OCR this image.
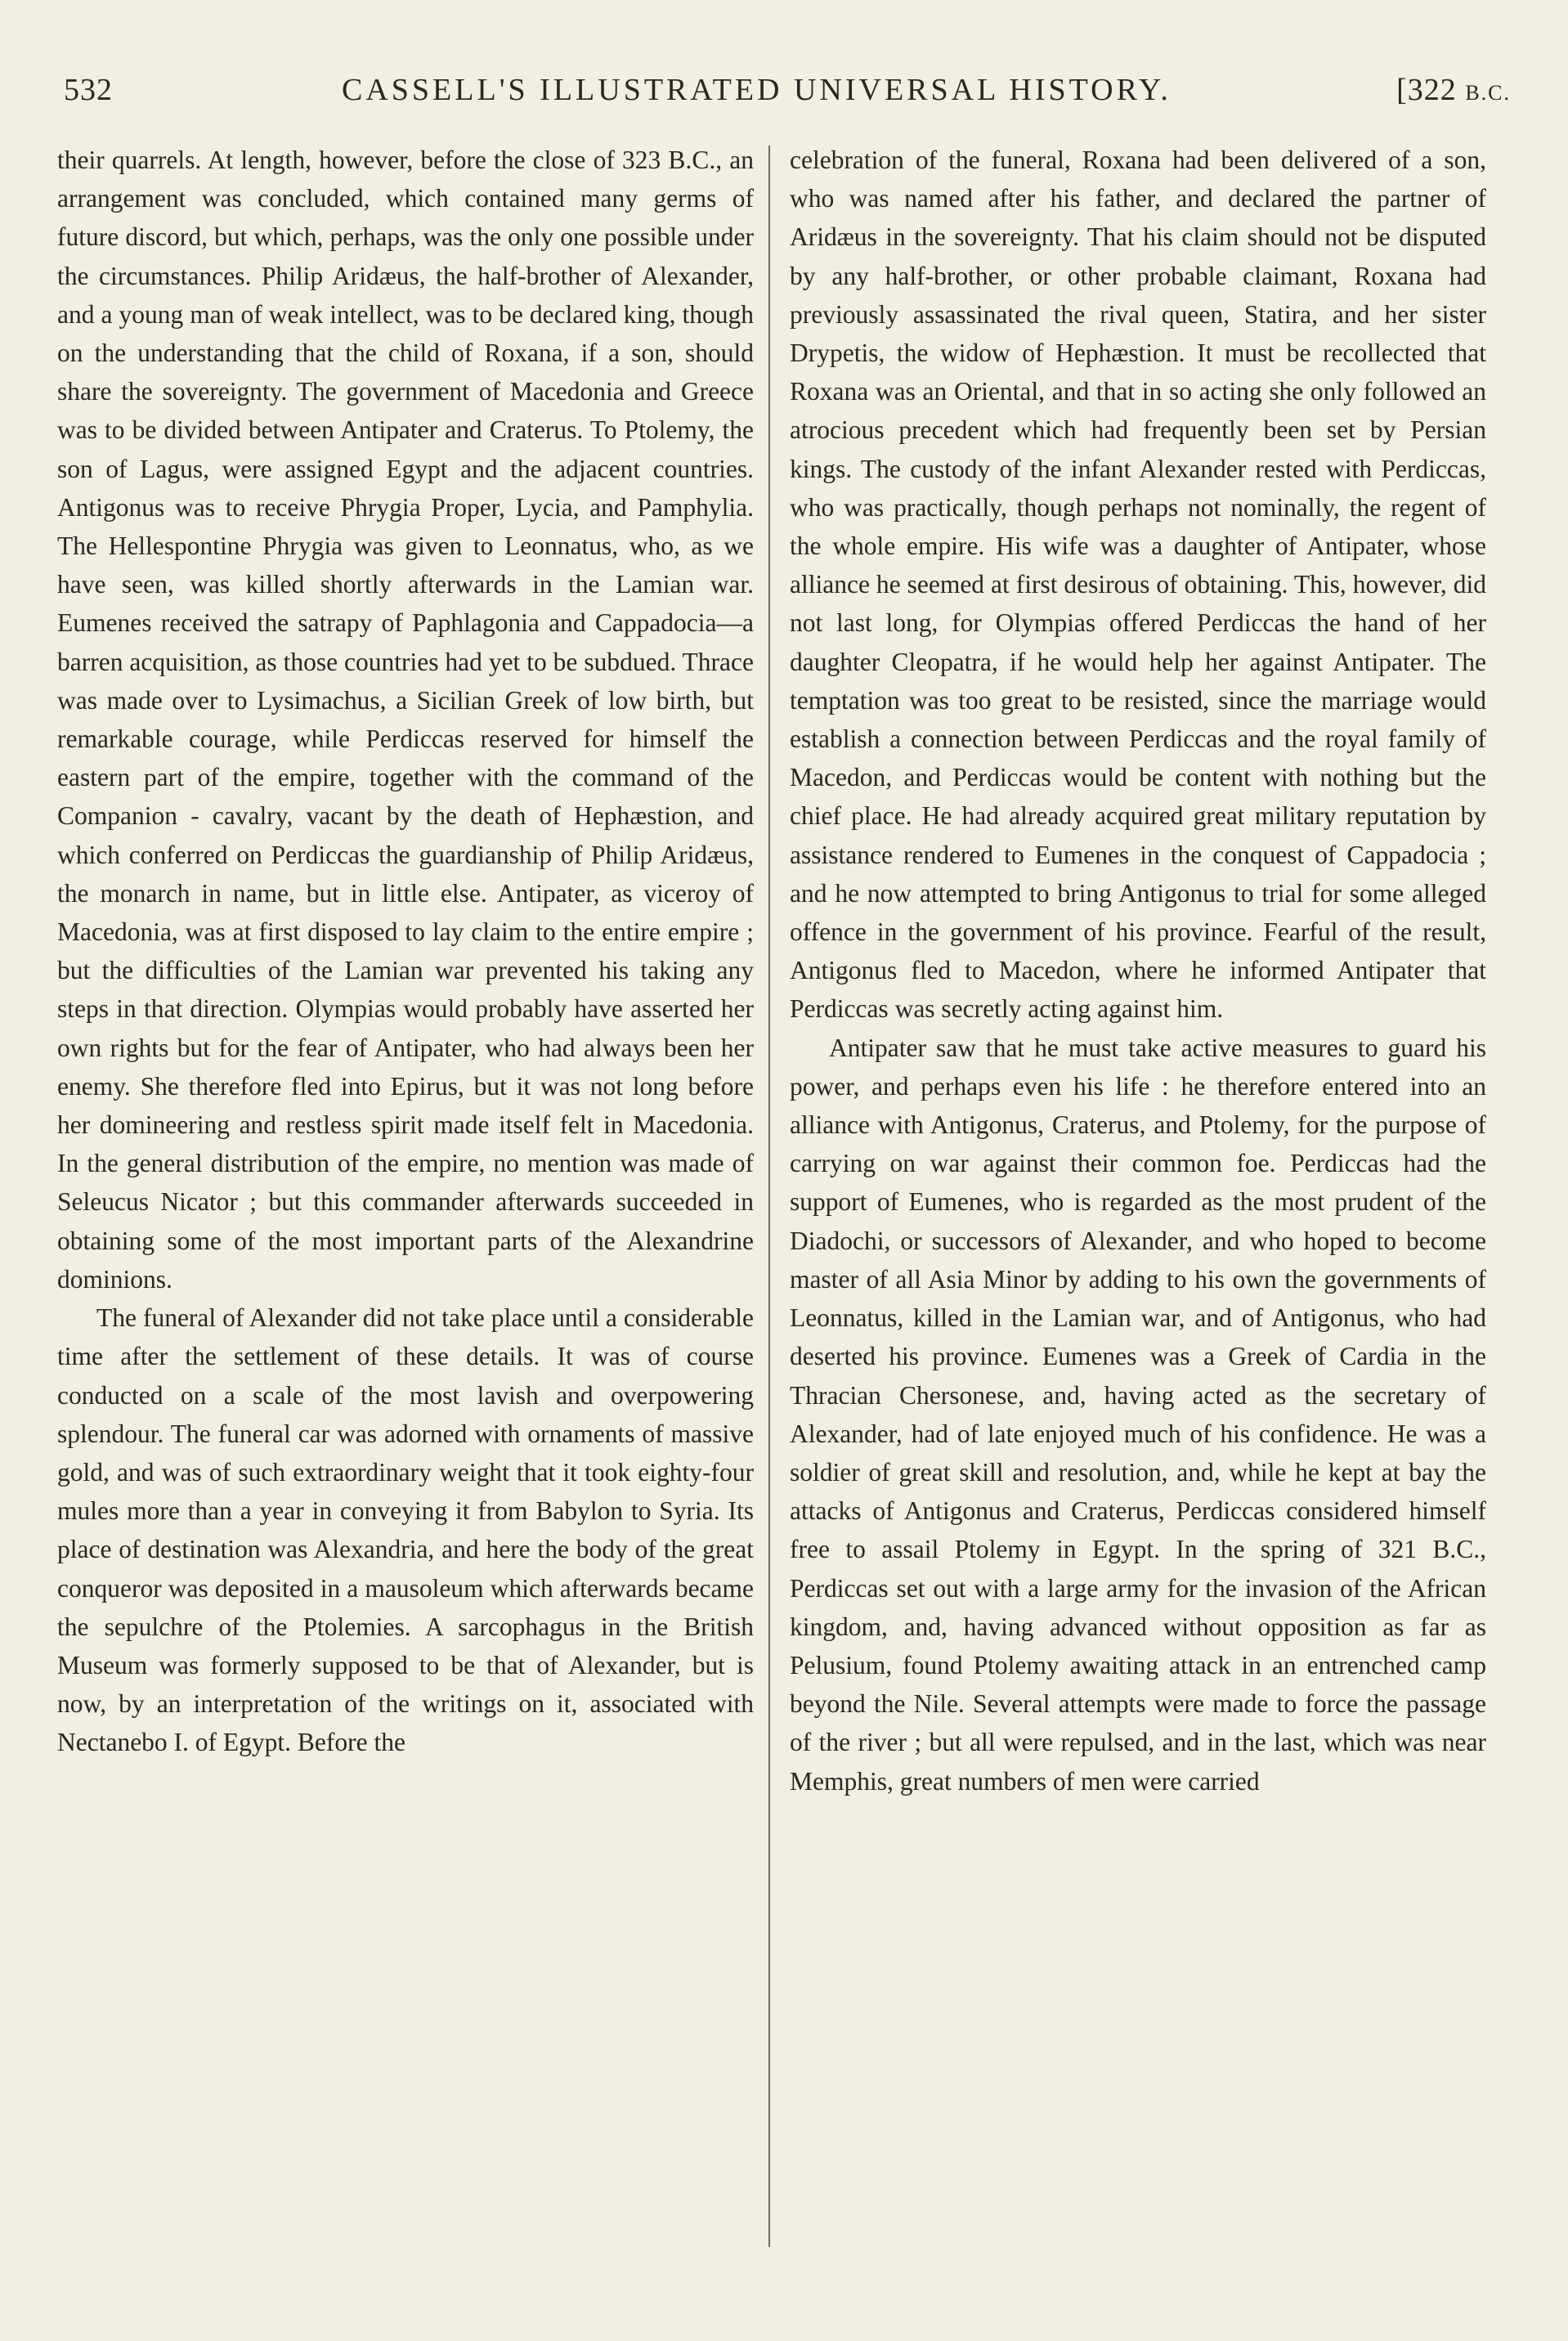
532	CASSELL'S ILLUSTRATED UNIVERSAL HISTORY.	[322 B.C.

their quarrels. At length, however, before the close of 323 B.C., an arrangement was concluded, which contained many germs of future discord, but which, perhaps, was the only one possible under the circumstances. Philip Aridæus, the half-brother of Alexander, and a young man of weak intellect, was to be declared king, though on the understanding that the child of Roxana, if a son, should share the sovereignty. The government of Macedonia and Greece was to be divided between Antipater and Craterus. To Ptolemy, the son of Lagus, were assigned Egypt and the adjacent countries. Antigonus was to receive Phrygia Proper, Lycia, and Pamphylia. The Hellespontine Phrygia was given to Leonnatus, who, as we have seen, was killed shortly afterwards in the Lamian war. Eumenes received the satrapy of Paphlagonia and Cappadocia—a barren acquisition, as those countries had yet to be subdued. Thrace was made over to Lysimachus, a Sicilian Greek of low birth, but remarkable courage, while Perdiccas reserved for himself the eastern part of the empire, together with the command of the Companion - cavalry, vacant by the death of Hephæstion, and which conferred on Perdiccas the guardianship of Philip Aridæus, the monarch in name, but in little else. Antipater, as viceroy of Macedonia, was at first disposed to lay claim to the entire empire ; but the difficulties of the Lamian war prevented his taking any steps in that direction. Olympias would probably have asserted her own rights but for the fear of Antipater, who had always been her enemy. She therefore fled into Epirus, but it was not long before her domineering and restless spirit made itself felt in Macedonia. In the general distribution of the empire, no mention was made of Seleucus Nicator ; but this commander afterwards succeeded in obtaining some of the most important parts of the Alexandrine dominions.

The funeral of Alexander did not take place until a considerable time after the settlement of these details. It was of course conducted on a scale of the most lavish and overpowering splendour. The funeral car was adorned with ornaments of massive gold, and was of such extraordinary weight that it took eighty-four mules more than a year in conveying it from Babylon to Syria. Its place of destination was Alexandria, and here the body of the great conqueror was deposited in a mausoleum which afterwards became the sepulchre of the Ptolemies. A sarcophagus in the British Museum was formerly supposed to be that of Alexander, but is now, by an interpretation of the writings on it, associated with Nectanebo I. of Egypt. Before the

celebration of the funeral, Roxana had been delivered of a son, who was named after his father, and declared the partner of Aridæus in the sovereignty. That his claim should not be disputed by any half-brother, or other probable claimant, Roxana had previously assassinated the rival queen, Statira, and her sister Drypetis, the widow of Hephæstion. It must be recollected that Roxana was an Oriental, and that in so acting she only followed an atrocious precedent which had frequently been set by Persian kings. The custody of the infant Alexander rested with Perdiccas, who was practically, though perhaps not nominally, the regent of the whole empire. His wife was a daughter of Antipater, whose alliance he seemed at first desirous of obtaining. This, however, did not last long, for Olympias offered Perdiccas the hand of her daughter Cleopatra, if he would help her against Antipater. The temptation was too great to be resisted, since the marriage would establish a connection between Perdiccas and the royal family of Macedon, and Perdiccas would be content with nothing but the chief place. He had already acquired great military reputation by assistance rendered to Eumenes in the conquest of Cappadocia ; and he now attempted to bring Antigonus to trial for some alleged offence in the government of his province. Fearful of the result, Antigonus fled to Macedon, where he informed Antipater that Perdiccas was secretly acting against him.

Antipater saw that he must take active measures to guard his power, and perhaps even his life : he therefore entered into an alliance with Antigonus, Craterus, and Ptolemy, for the purpose of carrying on war against their common foe. Perdiccas had the support of Eumenes, who is regarded as the most prudent of the Diadochi, or successors of Alexander, and who hoped to become master of all Asia Minor by adding to his own the governments of Leonnatus, killed in the Lamian war, and of Antigonus, who had deserted his province. Eumenes was a Greek of Cardia in the Thracian Chersonese, and, having acted as the secretary of Alexander, had of late enjoyed much of his confidence. He was a soldier of great skill and resolution, and, while he kept at bay the attacks of Antigonus and Craterus, Perdiccas considered himself free to assail Ptolemy in Egypt. In the spring of 321 B.C., Perdiccas set out with a large army for the invasion of the African kingdom, and, having advanced without opposition as far as Pelusium, found Ptolemy awaiting attack in an entrenched camp beyond the Nile. Several attempts were made to force the passage of the river ; but all were repulsed, and in the last, which was near Memphis, great numbers of men were carried
